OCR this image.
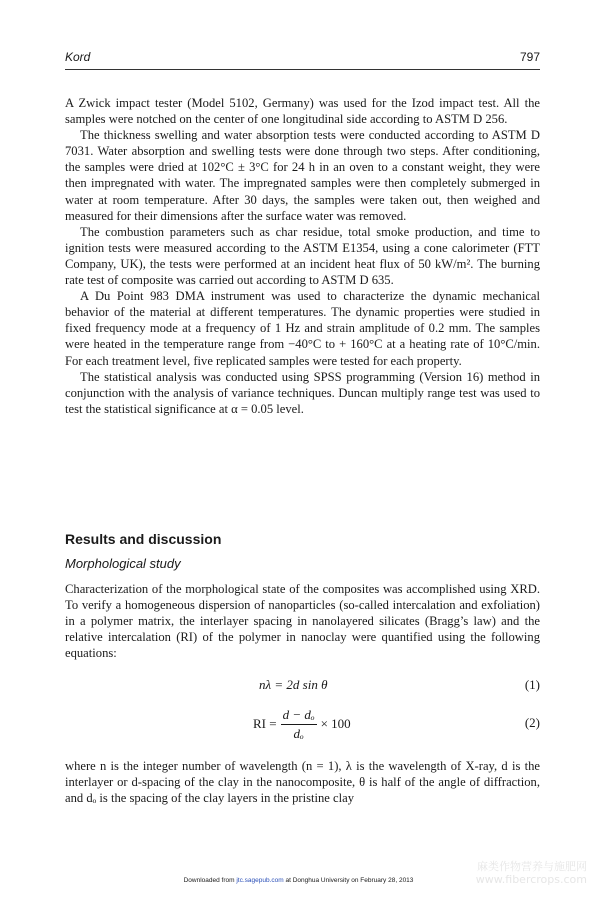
Kord	797

A Zwick impact tester (Model 5102, Germany) was used for the Izod impact test. All the samples were notched on the center of one longitudinal side according to ASTM D 256.

The thickness swelling and water absorption tests were conducted according to ASTM D 7031. Water absorption and swelling tests were done through two steps. After conditioning, the samples were dried at 102°C ± 3°C for 24 h in an oven to a constant weight, they were then impregnated with water. The impregnated samples were then completely submerged in water at room temperature. After 30 days, the samples were taken out, then weighed and measured for their dimensions after the surface water was removed.

The combustion parameters such as char residue, total smoke production, and time to ignition tests were measured according to the ASTM E1354, using a cone calorimeter (FTT Company, UK), the tests were performed at an incident heat flux of 50 kW/m². The burning rate test of composite was carried out according to ASTM D 635.

A Du Point 983 DMA instrument was used to characterize the dynamic mechanical behavior of the material at different temperatures. The dynamic properties were studied in fixed frequency mode at a frequency of 1 Hz and strain amplitude of 0.2 mm. The samples were heated in the temperature range from −40°C to + 160°C at a heating rate of 10°C/min. For each treatment level, five replicated samples were tested for each property.

The statistical analysis was conducted using SPSS programming (Version 16) method in conjunction with the analysis of variance techniques. Duncan multiply range test was used to test the statistical significance at α = 0.05 level.

Results and discussion
Morphological study
Characterization of the morphological state of the composites was accomplished using XRD. To verify a homogeneous dispersion of nanoparticles (so-called intercalation and exfoliation) in a polymer matrix, the interlayer spacing in nanolayered silicates (Bragg’s law) and the relative intercalation (RI) of the polymer in nanoclay were quantified using the following equations:
nλ = 2d sin θ	(1)
RI = $\frac{\text{d − dₒ}}{\text{dₒ}} \times 100$	(2)
where n is the integer number of wavelength (n = 1), λ is the wavelength of X-ray, d is the interlayer or d-spacing of the clay in the nanocomposite, θ is half of the angle of diffraction, and dₒ is the spacing of the clay layers in the pristine clay
Downloaded from jtc.sagepub.com at Donghua University on February 28, 2013
麻类作物营养与施肥网
www.fibercrops.com
